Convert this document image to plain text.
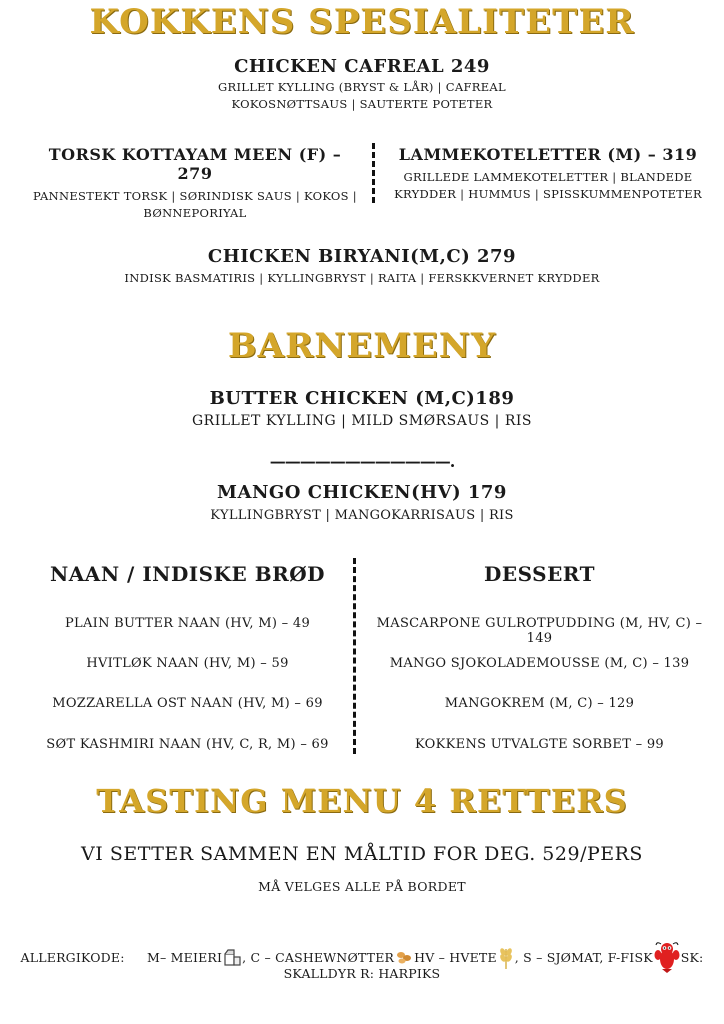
KOKKENS SPESIALITETER
CHICKEN CAFREAL 249
GRILLET KYLLING (BRYST & LÅR) | CAFREAL
KOKOSNØTTSAUS | SAUTERTE POTETER
TORSK KOTTAYAM MEEN (F) – 279
PANNESTEKT TORSK | SØRINDISK SAUS | KOKOS |
BØNNEPORIYAL
LAMMEKOTELETTER (M) – 319
GRILLEDE LAMMEKOTELETTER | BLANDEDE
KRYDDER | HUMMUS | SPISSKUMMENPOTETER
CHICKEN BIRYANI(M,C) 279
INDISK BASMATIRIS | KYLLINGBRYST | RAITA | FERSKKVERNET KRYDDER
BARNEMENY
BUTTER CHICKEN (M,C)189
GRILLET KYLLING | MILD SMØRSAUS | RIS
————————————.
MANGO CHICKEN(HV) 179
KYLLINGBRYST | MANGOKARRISAUS | RIS
NAAN / INDISKE BRØD	DESSERT
PLAIN BUTTER NAAN (HV, M) – 49
HVITLØK NAAN (HV, M) – 59
MOZZARELLA OST NAAN (HV, M) – 69
SØT KASHMIRI NAAN (HV, C, R, M) – 69
MASCARPONE GULROTPUDDING (M, HV, C) – 149
MANGO SJOKOLADEMOUSSE (M, C) – 139
MANGOKREM (M, C) – 129
KOKKENS UTVALGTE SORBET – 99
TASTING MENU 4 RETTERS
VI SETTER SAMMEN EN MÅLTID FOR DEG. 529/PERS
MÅ VELGES ALLE PÅ BORDET
ALLERGIKODE: M– MEIERI , C – CASHEWNØTTER HV – HVETE , S – SJØMAT, F-FISK SK:
SKALLDYR R: HARPIKS
